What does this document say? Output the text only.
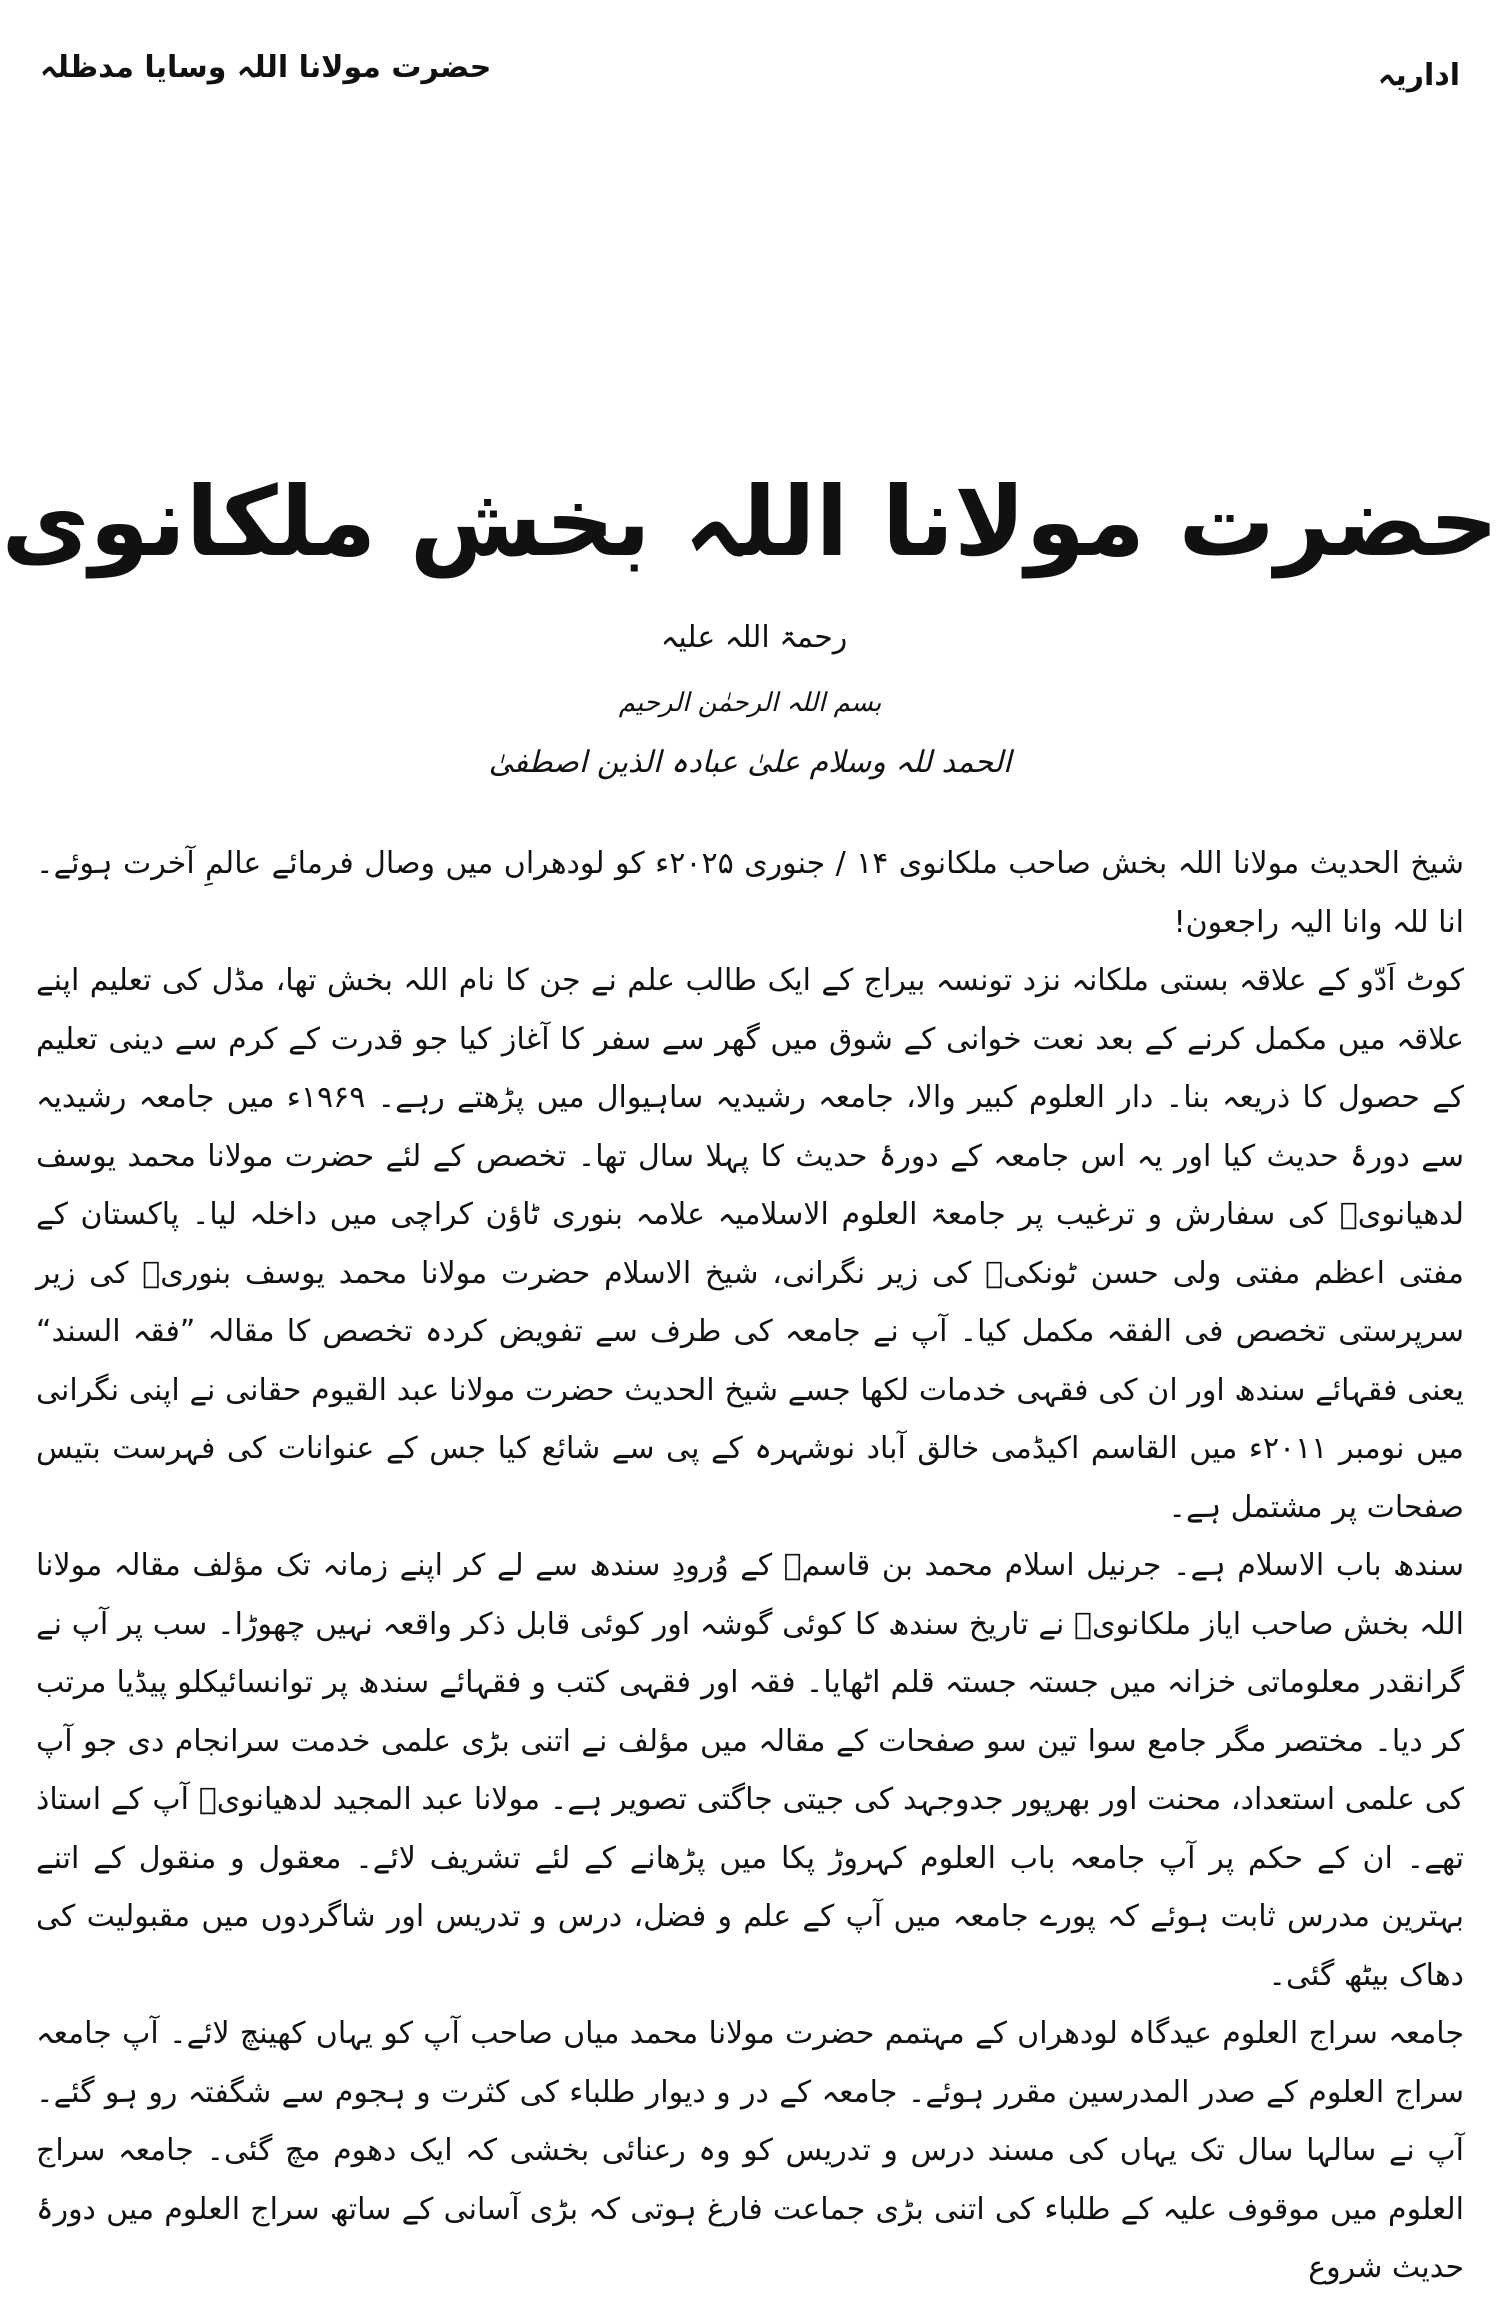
حضرت مولانا اللہ وسایا مدظلہ	اداریہ
حضرت مولانا اللہ بخش ملکانویرحمۃ اللہ علیہ
بسم اللہ الرحمٰن الرحیم
الحمد للہ وسلام علیٰ عبادہ الذین اصطفیٰ

شیخ الحدیث مولانا اللہ بخش صاحب ملکانوی ۱۴ / جنوری ۲۰۲۵ء کو لودھراں میں وصال فرمائے عالمِ آخرت ہوئے۔ انا للہ وانا الیہ راجعون!

کوٹ اَدّو کے علاقہ بستی ملکانہ نزد تونسہ بیراج کے ایک طالب علم نے جن کا نام اللہ بخش تھا، مڈل کی تعلیم اپنے علاقہ میں مکمل کرنے کے بعد نعت خوانی کے شوق میں گھر سے سفر کا آغاز کیا جو قدرت کے کرم سے دینی تعلیم کے حصول کا ذریعہ بنا۔ دار العلوم کبیر والا، جامعہ رشیدیہ ساہیوال میں پڑھتے رہے۔ ۱۹۶۹ء میں جامعہ رشیدیہ سے دورۂ حدیث کیا اور یہ اس جامعہ کے دورۂ حدیث کا پہلا سال تھا۔ تخصص کے لئے حضرت مولانا محمد یوسف لدھیانویؒ کی سفارش و ترغیب پر جامعۃ العلوم الاسلامیہ علامہ بنوری ٹاؤن کراچی میں داخلہ لیا۔ پاکستان کے مفتی اعظم مفتی ولی حسن ٹونکیؒ کی زیر نگرانی، شیخ الاسلام حضرت مولانا محمد یوسف بنوریؒ کی زیر سرپرستی تخصص فی الفقہ مکمل کیا۔ آپ نے جامعہ کی طرف سے تفویض کردہ تخصص کا مقالہ ”فقہ السند“ یعنی فقہائے سندھ اور ان کی فقہی خدمات لکھا جسے شیخ الحدیث حضرت مولانا عبد القیوم حقانی نے اپنی نگرانی میں نومبر ۲۰۱۱ء میں القاسم اکیڈمی خالق آباد نوشہرہ کے پی سے شائع کیا جس کے عنوانات کی فہرست بتیس صفحات پر مشتمل ہے۔

سندھ باب الاسلام ہے۔ جرنیل اسلام محمد بن قاسمؒ کے وُرودِ سندھ سے لے کر اپنے زمانہ تک مؤلف مقالہ مولانا اللہ بخش صاحب ایاز ملکانویؒ نے تاریخ سندھ کا کوئی گوشہ اور کوئی قابل ذکر واقعہ نہیں چھوڑا۔ سب پر آپ نے گرانقدر معلوماتی خزانہ میں جستہ جستہ قلم اٹھایا۔ فقہ اور فقہی کتب و فقہائے سندھ پر توانسائیکلو پیڈیا مرتب کر دیا۔ مختصر مگر جامع سوا تین سو صفحات کے مقالہ میں مؤلف نے اتنی بڑی علمی خدمت سرانجام دی جو آپ کی علمی استعداد، محنت اور بھرپور جدوجہد کی جیتی جاگتی تصویر ہے۔ مولانا عبد المجید لدھیانویؒ آپ کے استاذ تھے۔ ان کے حکم پر آپ جامعہ باب العلوم کہروڑ پکا میں پڑھانے کے لئے تشریف لائے۔ معقول و منقول کے اتنے بہترین مدرس ثابت ہوئے کہ پورے جامعہ میں آپ کے علم و فضل، درس و تدریس اور شاگردوں میں مقبولیت کی دھاک بیٹھ گئی۔

جامعہ سراج العلوم عیدگاہ لودھراں کے مہتمم حضرت مولانا محمد میاں صاحب آپ کو یہاں کھینچ لائے۔ آپ جامعہ سراج العلوم کے صدر المدرسین مقرر ہوئے۔ جامعہ کے در و دیوار طلباء کی کثرت و ہجوم سے شگفتہ رو ہو گئے۔ آپ نے سالہا سال تک یہاں کی مسند درس و تدریس کو وہ رعنائی بخشی کہ ایک دھوم مچ گئی۔ جامعہ سراج العلوم میں موقوف علیہ کے طلباء کی اتنی بڑی جماعت فارغ ہوتی کہ بڑی آسانی کے ساتھ سراج العلوم میں دورۂ حدیث شروع
